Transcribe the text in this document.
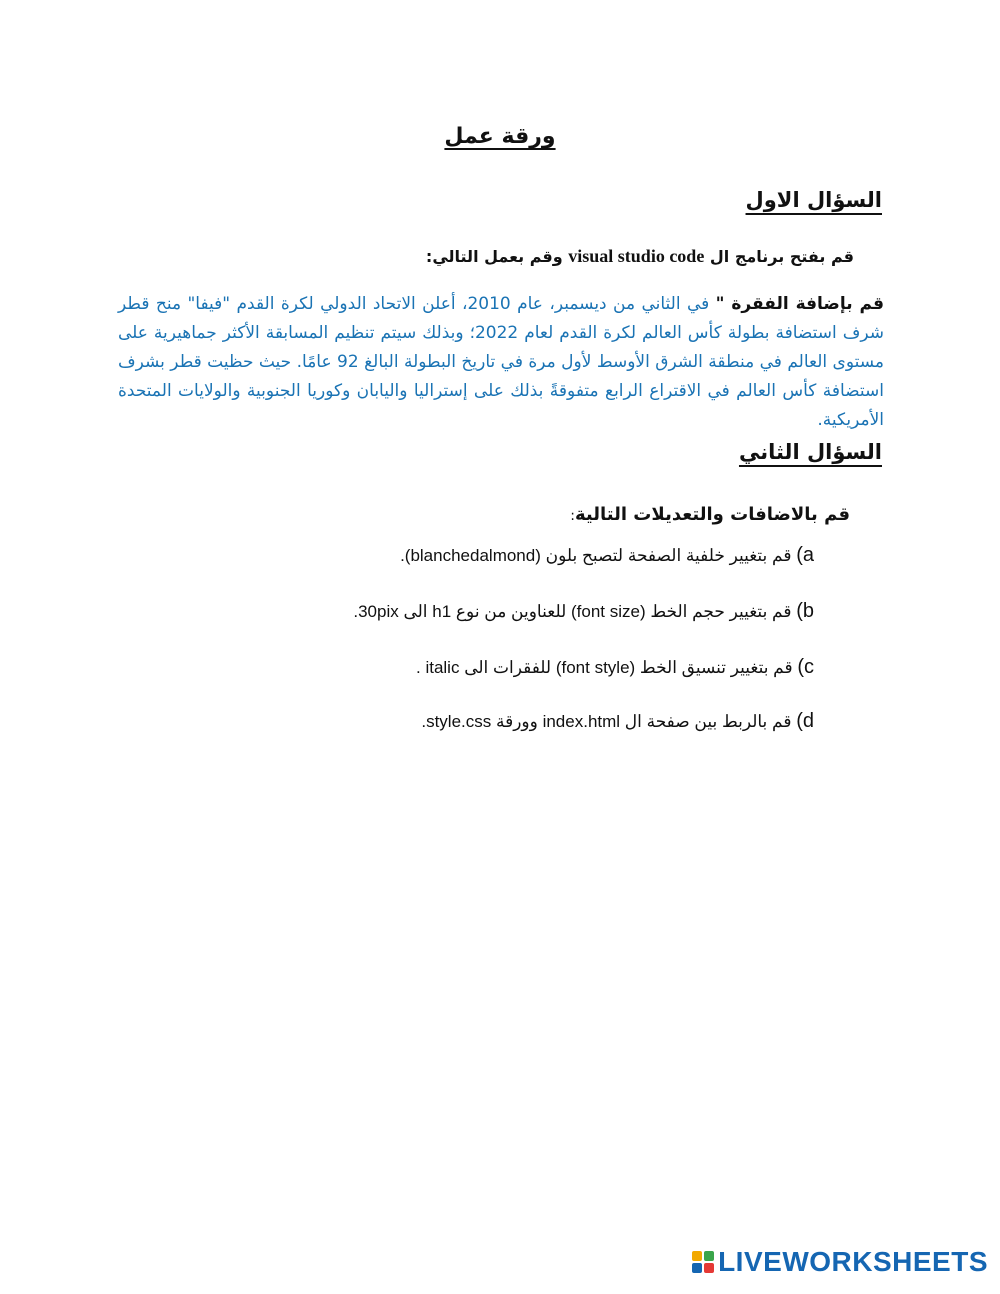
ورقة عمل
السؤال الاول
قم بفتح برنامج ال visual studio code وقم بعمل التالي:
قم بإضافة الفقرة " في الثاني من ديسمبر، عام 2010، أعلن الاتحاد الدولي لكرة القدم "فيفا" منح قطر شرف استضافة بطولة كأس العالم لكرة القدم لعام 2022؛ وبذلك سيتم تنظيم المسابقة الأكثر جماهيرية على مستوى العالم في منطقة الشرق الأوسط لأول مرة في تاريخ البطولة البالغ 92 عامًا. حيث حظيت قطر بشرف استضافة كأس العالم في الاقتراع الرابع متفوقةً بذلك على إستراليا واليابان وكوريا الجنوبية والولايات المتحدة الأمريكية.
السؤال الثاني
قم بالاضافات والتعديلات التالية:
a) قم بتغيير خلفية الصفحة لتصبح بلون (blanchedalmond).
b) قم بتغيير حجم الخط (font size) للعناوين من نوع h1 الى 30pix.
c) قم بتغيير تنسيق الخط (font style) للفقرات الى italic .
d) قم بالربط بين صفحة ال index.html وورقة style.css.
LIVEWORKSHEETS
